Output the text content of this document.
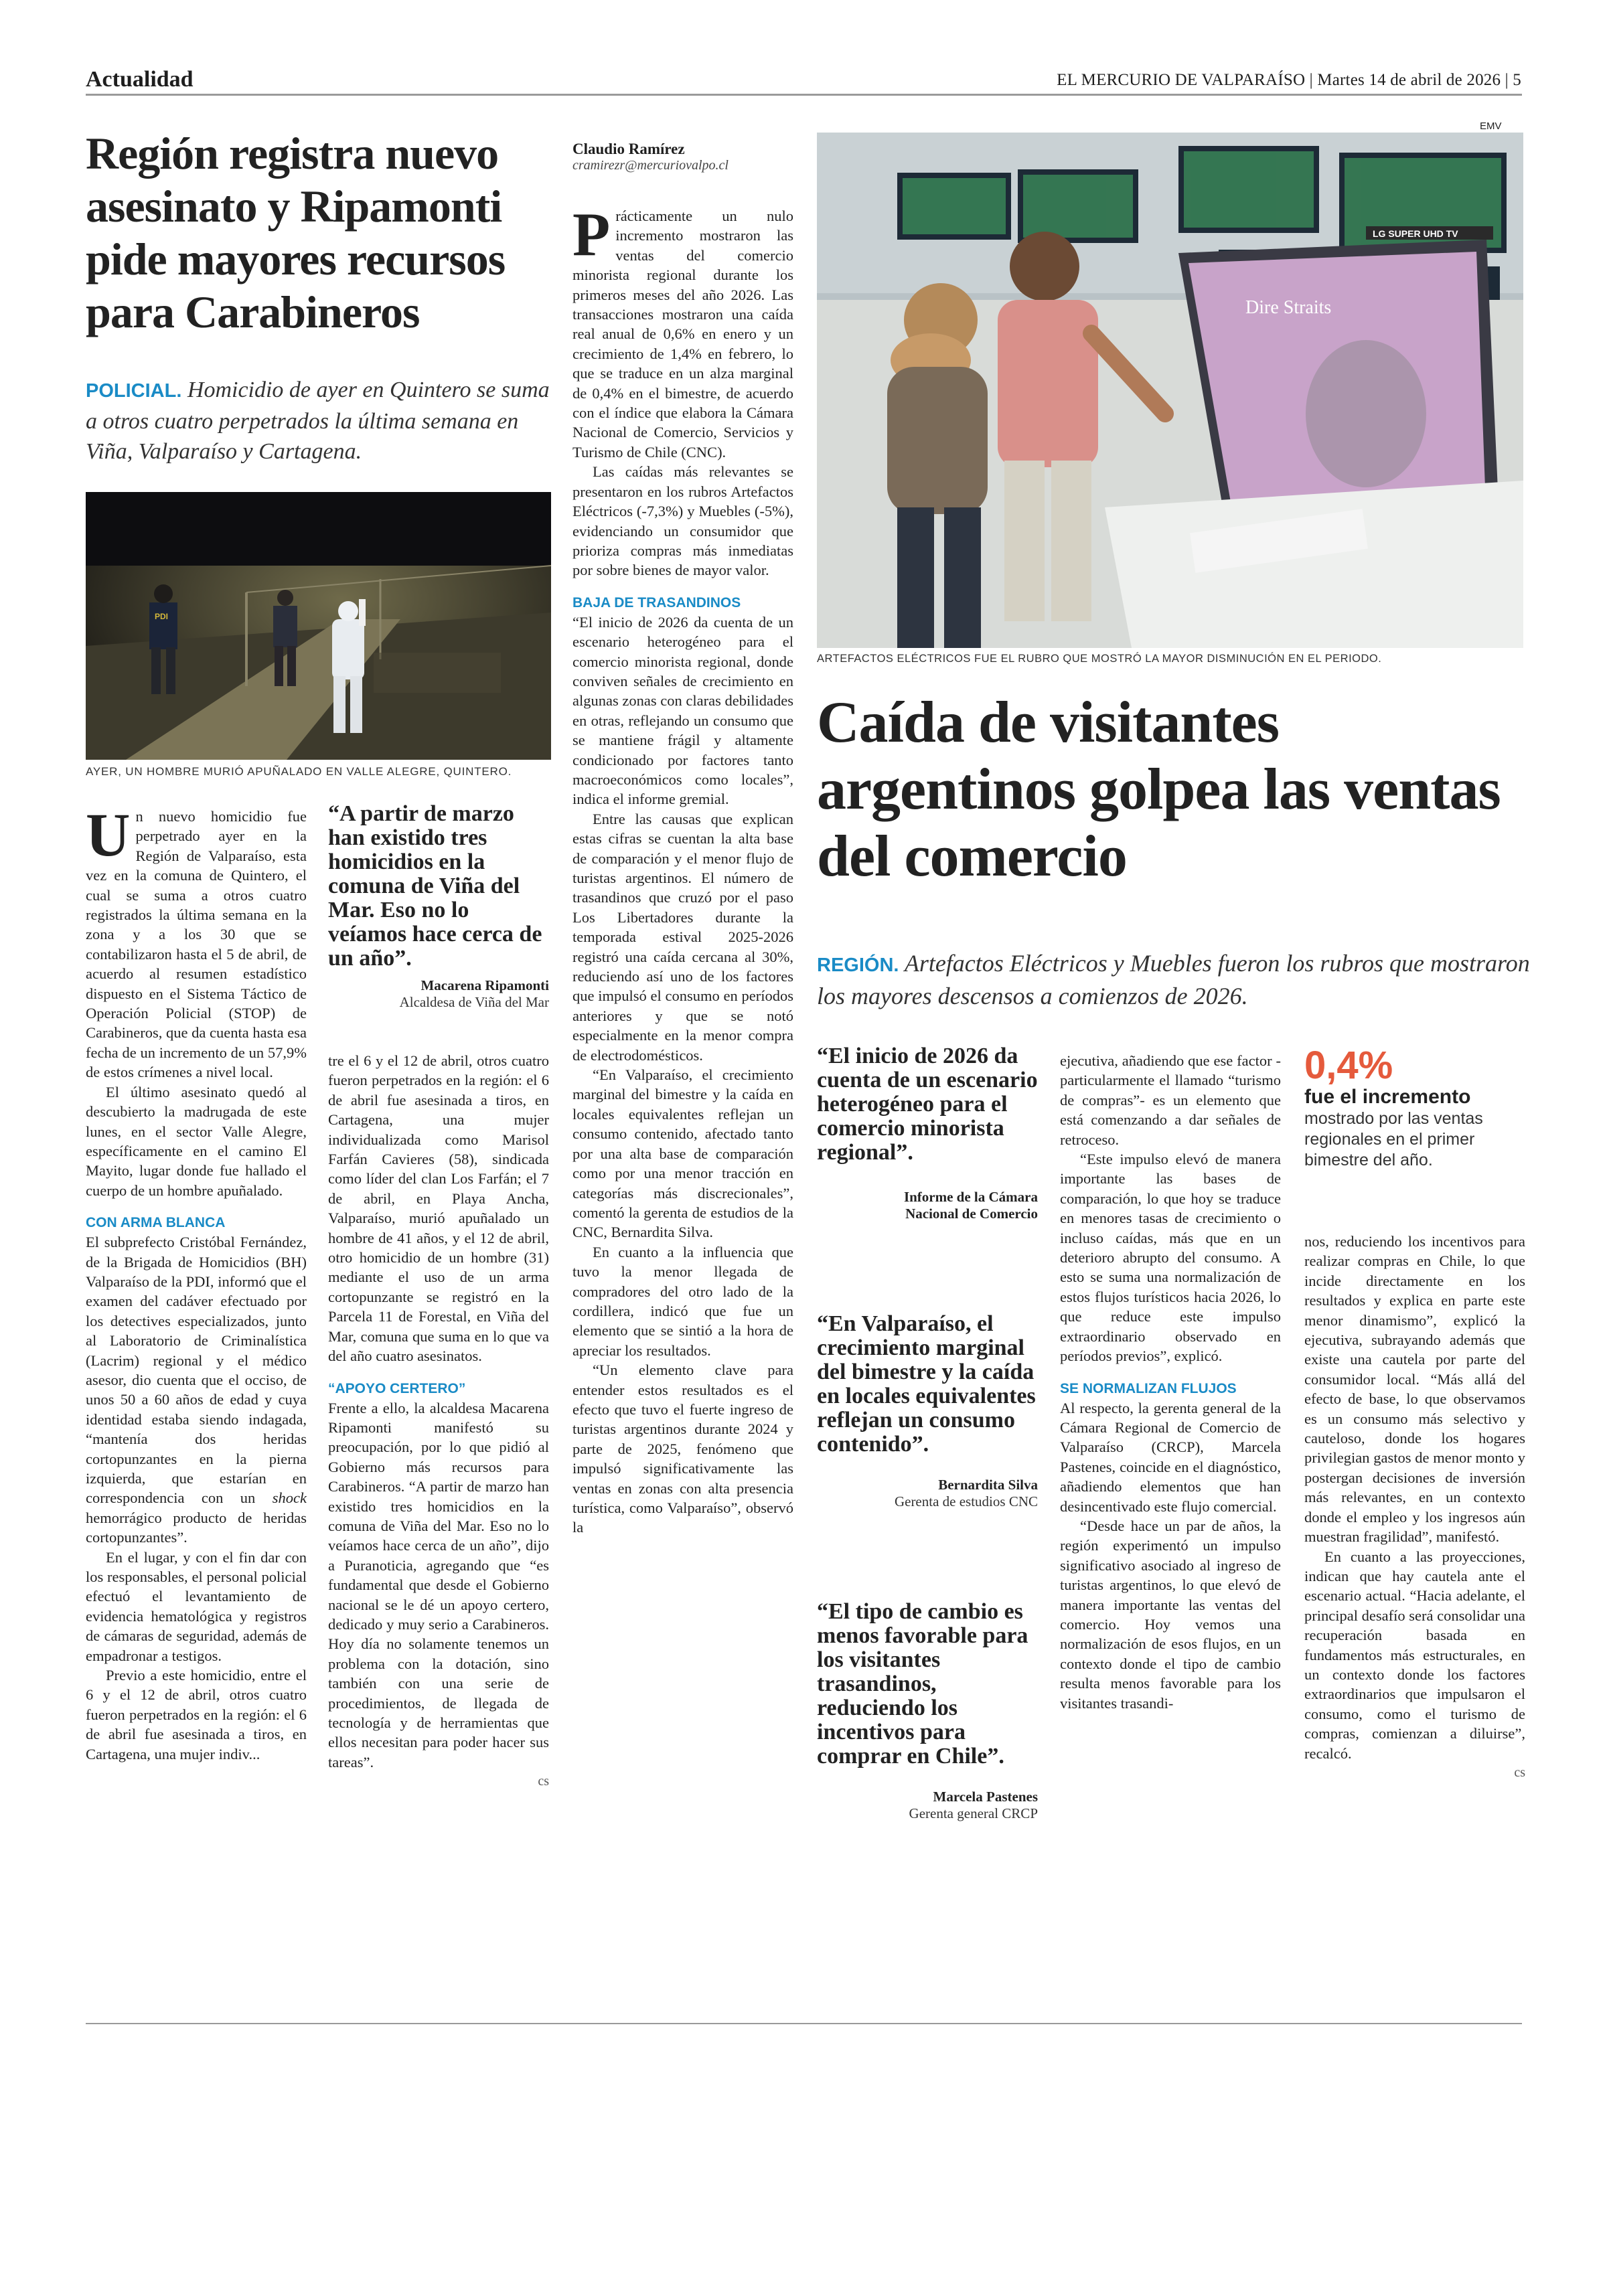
Actualidad	EL MERCURIO DE VALPARAÍSO | Martes 14 de abril de 2026 | 5
Región registra nuevo asesinato y Ripamonti pide mayores recursos para Carabineros
POLICIAL. Homicidio de ayer en Quintero se suma a otros cuatro perpetrados la última semana en Viña, Valparaíso y Cartagena.
PDI
AYER, UN HOMBRE MURIÓ APUÑALADO EN VALLE ALEGRE, QUINTERO.

Un nuevo homicidio fue perpetrado ayer en la Región de Valparaíso, esta vez en la comuna de Quintero, el cual se suma a otros cuatro registrados la última semana en la zona y a los 30 que se contabilizaron hasta el 5 de abril, de acuerdo al resumen estadístico dispuesto en el Sistema Táctico de Operación Policial (STOP) de Carabineros, que da cuenta hasta esa fecha de un incremento de un 57,9% de estos crímenes a nivel local.

El último asesinato quedó al descubierto la madrugada de este lunes, en el sector Valle Alegre, específicamente en el camino El Mayito, lugar donde fue hallado el cuerpo de un hombre apuñalado.

CON ARMA BLANCA

El subprefecto Cristóbal Fernández, de la Brigada de Homicidios (BH) Valparaíso de la PDI, informó que el examen del cadáver efectuado por los detectives especializados, junto al Laboratorio de Criminalística (Lacrim) regional y el médico asesor, dio cuenta que el occiso, de unos 50 a 60 años de edad y cuya identidad estaba siendo indagada, “mantenía dos heridas cortopunzantes en la pierna izquierda, que estarían en correspondencia con un shock hemorrágico producto de heridas cortopunzantes”.

En el lugar, y con el fin dar con los responsables, el personal policial efectuó el levantamiento de evidencia hematológica y registros de cámaras de seguridad, además de empadronar a testigos.

Previo a este homicidio, entre el 6 y el 12 de abril, otros cuatro fueron perpetrados en la región: el 6 de abril fue asesinada a tiros, en Cartagena, una mujer indiv...

“A partir de marzo han existido tres homicidios en la comuna de Viña del Mar. Eso no lo veíamos hace cerca de un año”.
Macarena Ripamonti
Alcaldesa de Viña del Mar

tre el 6 y el 12 de abril, otros cuatro fueron perpetrados en la región: el 6 de abril fue asesinada a tiros, en Cartagena, una mujer individualizada como Marisol Farfán Cavieres (58), sindicada como líder del clan Los Farfán; el 7 de abril, en Playa Ancha, Valparaíso, murió apuñalado un hombre de 41 años, y el 12 de abril, otro homicidio de un hombre (31) mediante el uso de un arma cortopunzante se registró en la Parcela 11 de Forestal, en Viña del Mar, comuna que suma en lo que va del año cuatro asesinatos.

“APOYO CERTERO”

Frente a ello, la alcaldesa Macarena Ripamonti manifestó su preocupación, por lo que pidió al Gobierno más recursos para Carabineros. “A partir de marzo han existido tres homicidios en la comuna de Viña del Mar. Eso no lo veíamos hace cerca de un año”, dijo a Puranoticia, agregando que “es fundamental que desde el Gobierno nacional se le dé un apoyo certero, dedicado y muy serio a Carabineros. Hoy día no solamente tenemos un problema con la dotación, sino también con una serie de procedimientos, de llegada de tecnología y de herramientas que ellos necesitan para poder hacer sus tareas”.

cs
Claudio Ramírez
cramirezr@mercuriovalpo.cl

Prácticamente un nulo incremento mostraron las ventas del comercio minorista regional durante los primeros meses del año 2026. Las transacciones mostraron una caída real anual de 0,6% en enero y un crecimiento de 1,4% en febrero, lo que se traduce en un alza marginal de 0,4% en el bimestre, de acuerdo con el índice que elabora la Cámara Nacional de Comercio, Servicios y Turismo de Chile (CNC).

Las caídas más relevantes se presentaron en los rubros Artefactos Eléctricos (-7,3%) y Muebles (-5%), evidenciando un consumidor que prioriza compras más inmediatas por sobre bienes de mayor valor.

BAJA DE TRASANDINOS

“El inicio de 2026 da cuenta de un escenario heterogéneo para el comercio minorista regional, donde conviven señales de crecimiento en algunas zonas con claras debilidades en otras, reflejando un consumo que se mantiene frágil y altamente condicionado por factores tanto macroeconómicos como locales”, indica el informe gremial.

Entre las causas que explican estas cifras se cuentan la alta base de comparación y el menor flujo de turistas argentinos. El número de trasandinos que cruzó por el paso Los Libertadores durante la temporada estival 2025-2026 registró una caída cercana al 30%, reduciendo así uno de los factores que impulsó el consumo en períodos anteriores y que se notó especialmente en la menor compra de electrodomésticos.

“En Valparaíso, el crecimiento marginal del bimestre y la caída en locales equivalentes reflejan un consumo contenido, afectado tanto por una alta base de comparación como por una menor tracción en categorías más discrecionales”, comentó la gerenta de estudios de la CNC, Bernardita Silva.

En cuanto a la influencia que tuvo la menor llegada de compradores del otro lado de la cordillera, indicó que fue un elemento que se sintió a la hora de apreciar los resultados.

“Un elemento clave para entender estos resultados es el efecto que tuvo el fuerte ingreso de turistas argentinos durante 2024 y parte de 2025, fenómeno que impulsó significativamente las ventas en zonas con alta presencia turística, como Valparaíso”, observó la

EMV
LG SUPER UHD TV
Dire Straits
ARTEFACTOS ELÉCTRICOS FUE EL RUBRO QUE MOSTRÓ LA MAYOR DISMINUCIÓN EN EL PERIODO.
Caída de visitantes argentinos golpea las ventas del comercio
REGIÓN. Artefactos Eléctricos y Muebles fueron los rubros que mostraron los mayores descensos a comienzos de 2026.
“El inicio de 2026 da cuenta de un escenario heterogéneo para el comercio minorista regional”.
Informe de la Cámara
Nacional de Comercio
“En Valparaíso, el crecimiento marginal del bimestre y la caída en locales equivalentes reflejan un consumo contenido”.
Bernardita Silva
Gerenta de estudios CNC
“El tipo de cambio es menos favorable para los visitantes trasandinos, reduciendo los incentivos para comprar en Chile”.
Marcela Pastenes
Gerenta general CRCP

ejecutiva, añadiendo que ese factor -particularmente el llamado “turismo de compras”- es un elemento que está comenzando a dar señales de retroceso.

“Este impulso elevó de manera importante las bases de comparación, lo que hoy se traduce en menores tasas de crecimiento o incluso caídas, más que en un deterioro abrupto del consumo. A esto se suma una normalización de estos flujos turísticos hacia 2026, lo que reduce este impulso extraordinario observado en períodos previos”, explicó.

SE NORMALIZAN FLUJOS

Al respecto, la gerenta general de la Cámara Regional de Comercio de Valparaíso (CRCP), Marcela Pastenes, coincide en el diagnóstico, añadiendo elementos que han desincentivado este flujo comercial.

“Desde hace un par de años, la región experimentó un impulso significativo asociado al ingreso de turistas argentinos, lo que elevó de manera importante las ventas del comercio. Hoy vemos una normalización de esos flujos, en un contexto donde el tipo de cambio resulta menos favorable para los visitantes trasandi-

0,4%
fue el incremento
mostrado por las ventas regionales en el primer bimestre del año.

nos, reduciendo los incentivos para realizar compras en Chile, lo que incide directamente en los resultados y explica en parte este menor dinamismo”, explicó la ejecutiva, subrayando además que existe una cautela por parte del consumidor local. “Más allá del efecto de base, lo que observamos es un consumo más selectivo y cauteloso, donde los hogares privilegian gastos de menor monto y postergan decisiones de inversión más relevantes, en un contexto donde el empleo y los ingresos aún muestran fragilidad”, manifestó.

En cuanto a las proyecciones, indican que hay cautela ante el escenario actual. “Hacia adelante, el principal desafío será consolidar una recuperación basada en fundamentos más estructurales, en un contexto donde los factores extraordinarios que impulsaron el consumo, como el turismo de compras, comienzan a diluirse”, recalcó.

cs
